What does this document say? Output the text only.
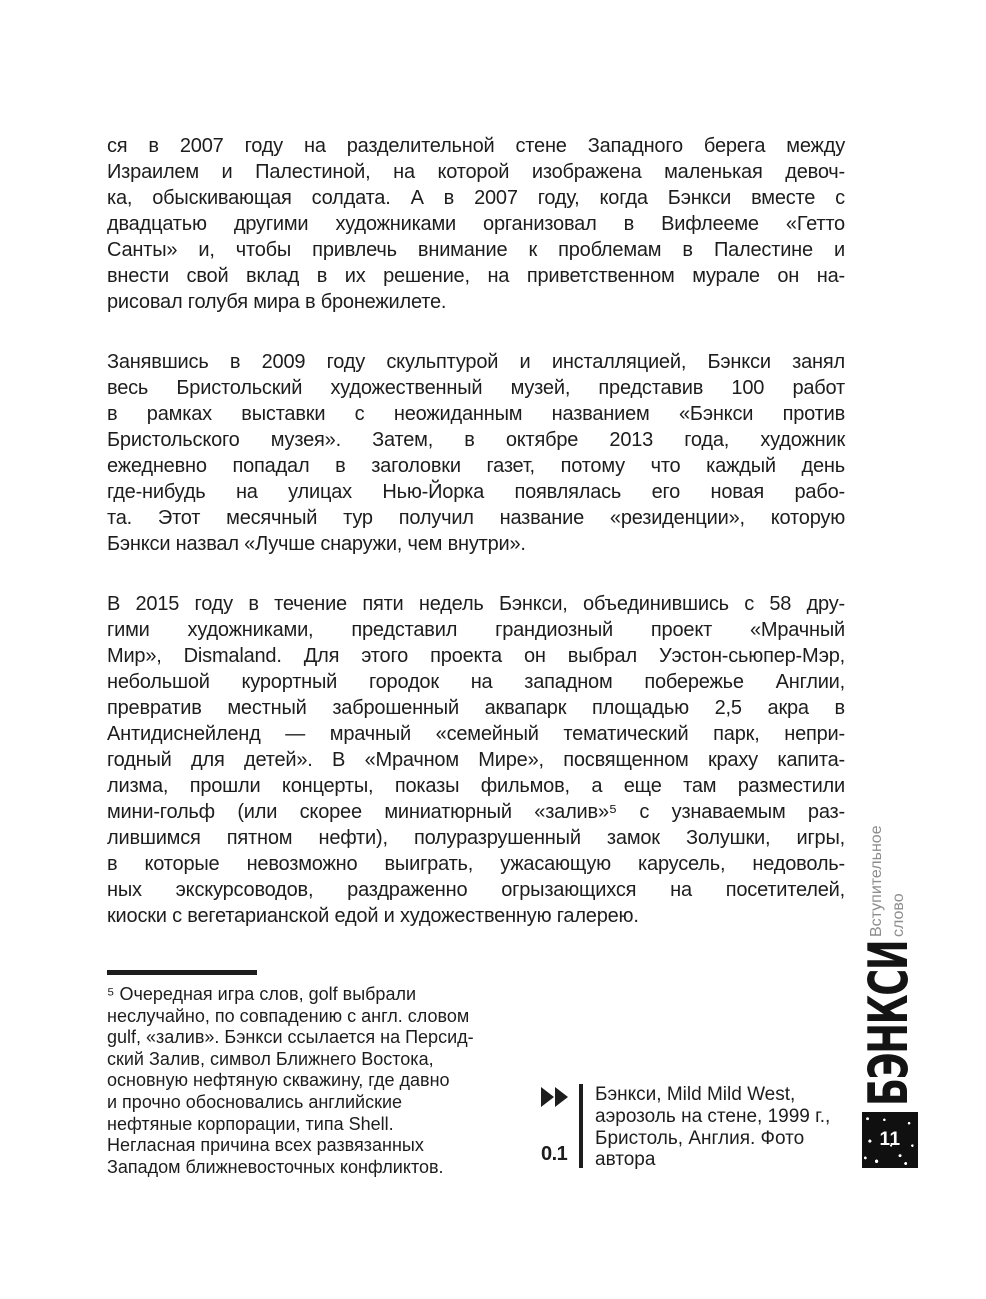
ся в 2007 году на разделительной стене Западного берега между
Израилем и Палестиной, на которой изображена маленькая девоч-
ка, обыскивающая солдата. А в 2007 году, когда Бэнкси вместе с
двадцатью другими художниками организовал в Вифлееме «Гетто
Санты» и, чтобы привлечь внимание к проблемам в Палестине и
внести свой вклад в их решение, на приветственном мурале он на-
рисовал голубя мира в бронежилете.
Занявшись в 2009 году скульптурой и инсталляцией, Бэнкси занял
весь Бристольский художественный музей, представив 100 работ
в рамках выставки с неожиданным названием «Бэнкси против
Бристольского музея». Затем, в октябре 2013 года, художник
ежедневно попадал в заголовки газет, потому что каждый день
где-нибудь на улицах Нью-Йорка появлялась его новая рабо-
та. Этот месячный тур получил название «резиденции», которую
Бэнкси назвал «Лучше снаружи, чем внутри».
В 2015 году в течение пяти недель Бэнкси, объединившись с 58 дру-
гими художниками, представил грандиозный проект «Мрачный
Мир», Dismaland. Для этого проекта он выбрал Уэстон-сьюпер-Мэр,
небольшой курортный городок на западном побережье Англии,
превратив местный заброшенный аквапарк площадью 2,5 акра в
Антидиснейленд — мрачный «семейный тематический парк, непри-
годный для детей». В «Мрачном Мире», посвященном краху капита-
лизма, прошли концерты, показы фильмов, а еще там разместили
мини-гольф (или скорее миниатюрный «залив»⁵ с узнаваемым раз-
лившимся пятном нефти), полуразрушенный замок Золушки, игры,
в которые невозможно выиграть, ужасающую карусель, недоволь-
ных экскурсоводов, раздраженно огрызающихся на посетителей,
киоски с вегетарианской едой и художественную галерею.
⁵ Очередная игра слов, golf выбрали
неслучайно, по совпадению с англ. словом
gulf, «залив». Бэнкси ссылается на Персид-
ский Залив, символ Ближнего Востока,
основную нефтяную скважину, где давно
и прочно обосновались английские
нефтяные корпорации, типа Shell.
Негласная причина всех развязанных
Западом ближневосточных конфликтов.
0.1
Бэнкси, Mild Mild West,
аэрозоль на стене, 1999 г.,
Бристоль, Англия. Фото
автора
Вступительное слово
БЭНКСИ
11
